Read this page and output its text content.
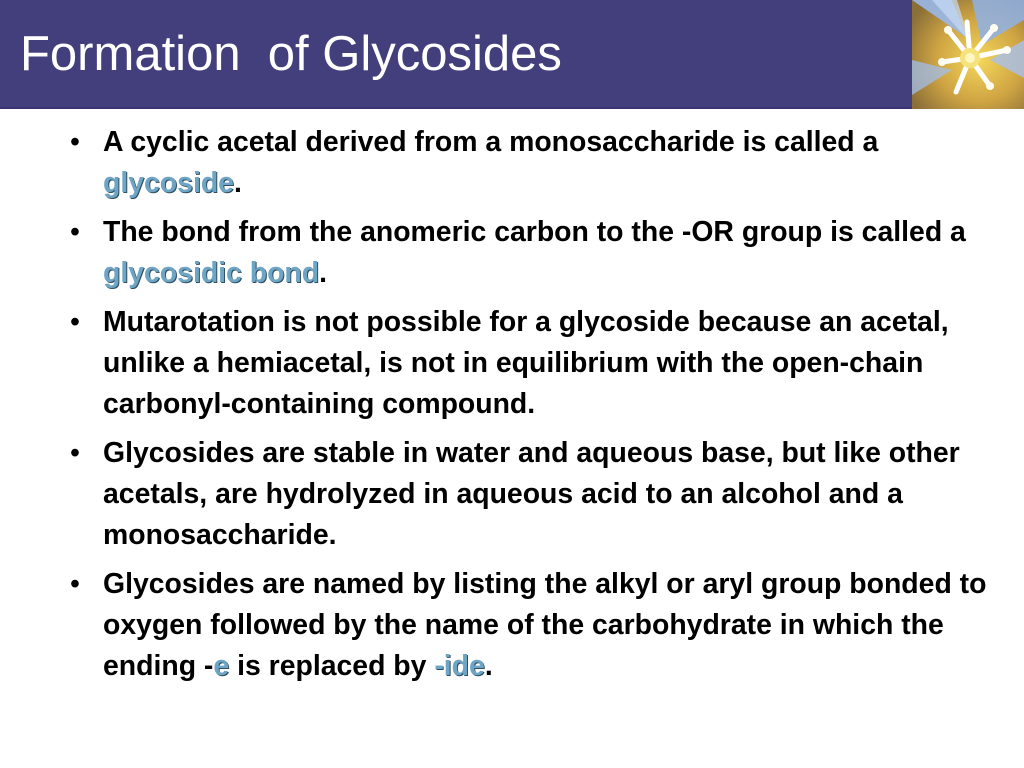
Formation  of Glycosides
• A cyclic acetal derived from a monosaccharide is called a glycoside.
• The bond from the anomeric carbon to the -OR group is called a glycosidic bond.
• Mutarotation is not possible for a glycoside because an acetal, unlike a hemiacetal, is not in equilibrium with the open-chain carbonyl-containing compound.
• Glycosides are stable in water and aqueous base, but like other acetals, are hydrolyzed in aqueous acid to an alcohol and a monosaccharide.
• Glycosides are named by listing the alkyl or aryl group bonded to oxygen followed by the name of the carbohydrate in which the ending -e is replaced by -ide.
